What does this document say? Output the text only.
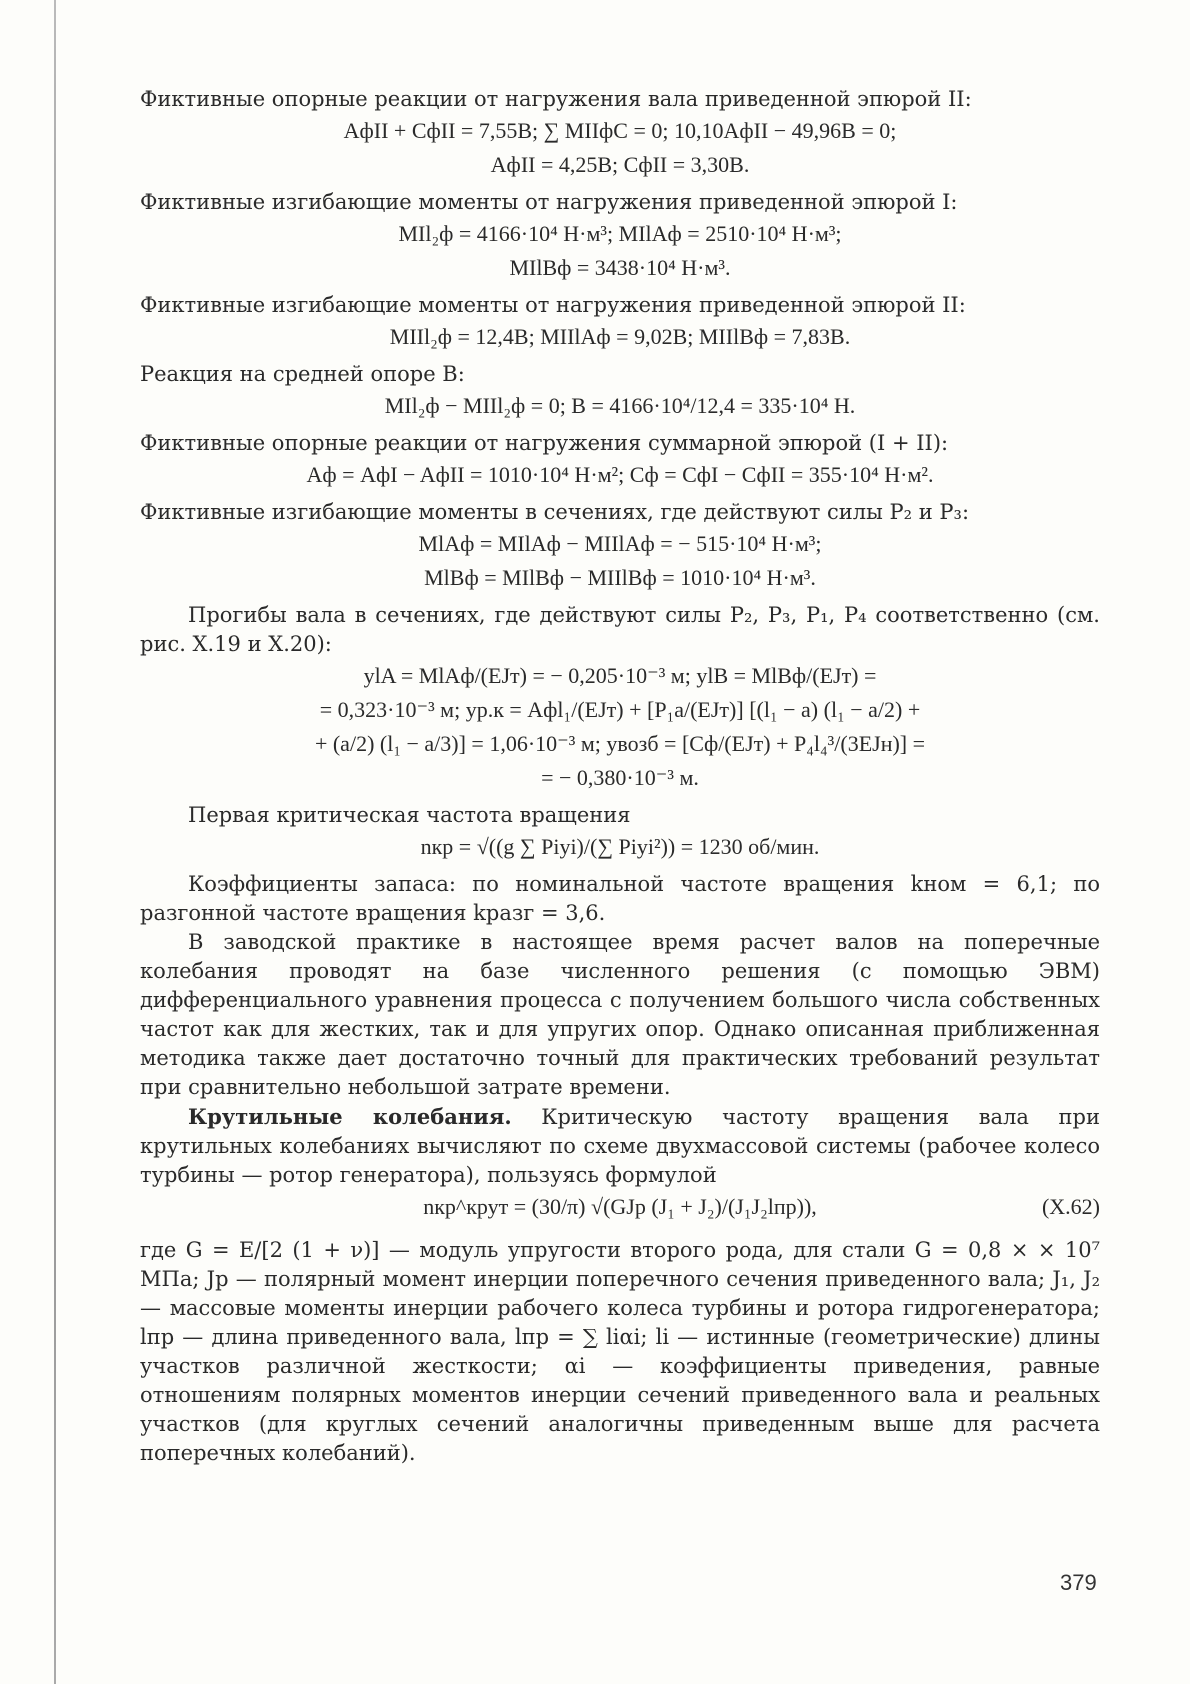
Фиктивные опорные реакции от нагружения вала приведенной эпюрой II:

AфII + CфII = 7,55B; ∑ MIIфC = 0; 10,10AфII − 49,96B = 0;
AфII = 4,25B; CфII = 3,30B.

Фиктивные изгибающие моменты от нагружения приведенной эпюрой I:

MIl₂ф = 4166·10⁴ Н·м³; MIlAф = 2510·10⁴ Н·м³;
MIlBф = 3438·10⁴ Н·м³.

Фиктивные изгибающие моменты от нагружения приведенной эпюрой II:

MIIl₂ф = 12,4B; MIIlAф = 9,02B; MIIlBф = 7,83B.

Реакция на средней опоре B:

MIl₂ф − MIIl₂ф = 0; B = 4166·10⁴/12,4 = 335·10⁴ Н.

Фиктивные опорные реакции от нагружения суммарной эпюрой (I + II):

Aф = AфI − AфII = 1010·10⁴ Н·м²; Cф = CфI − CфII = 355·10⁴ Н·м².

Фиктивные изгибающие моменты в сечениях, где действуют силы P₂ и P₃:

MlAф = MIlAф − MIIlAф = − 515·10⁴ Н·м³;
MlBф = MIlBф − MIIlBф = 1010·10⁴ Н·м³.

Прогибы вала в сечениях, где действуют силы P₂, P₃, P₁, P₄ соответственно (см. рис. X.19 и X.20):

ylA = MlAф/(EJт) = − 0,205·10⁻³ м; ylB = MlBф/(EJт) =
= 0,323·10⁻³ м; yр.к = Aфl₁/(EJт) + [P₁a/(EJт)] [(l₁ − a) (l₁ − a/2) +
+ (a/2) (l₁ − a/3)] = 1,06·10⁻³ м; yвозб = [Cф/(EJт) + P₄l₄³/(3EJн)] =
= − 0,380·10⁻³ м.

Первая критическая частота вращения

nкр = √((g ∑ Piyi)/(∑ Piyi²)) = 1230 об/мин.

Коэффициенты запаса: по номинальной частоте вращения kном = 6,1; по разгонной частоте вращения kразг = 3,6.

В заводской практике в настоящее время расчет валов на поперечные колебания проводят на базе численного решения (с помощью ЭВМ) дифференциального уравнения процесса с получением большого числа собственных частот как для жестких, так и для упругих опор. Однако описанная приближенная методика также дает достаточно точный для практических требований результат при сравнительно небольшой затрате времени.

Крутильные колебания. Критическую частоту вращения вала при крутильных колебаниях вычисляют по схеме двухмассовой системы (рабочее колесо турбины — ротор генератора), пользуясь формулой

nкр^крут = (30/π) √(GJp (J₁ + J₂)/(J₁J₂lпр)),	(X.62)

где G = E/[2 (1 + ν)] — модуль упругости второго рода, для стали G = 0,8 × × 10⁷ МПа; Jp — полярный момент инерции поперечного сечения приведенного вала; J₁, J₂ — массовые моменты инерции рабочего колеса турбины и ротора гидрогенератора; lпр — длина приведенного вала, lпр = ∑ liαi; li — истинные (геометрические) длины участков различной жесткости; αi — коэффициенты приведения, равные отношениям полярных моментов инерции сечений приведенного вала и реальных участков (для круглых сечений аналогичны приведенным выше для расчета поперечных колебаний).

379
